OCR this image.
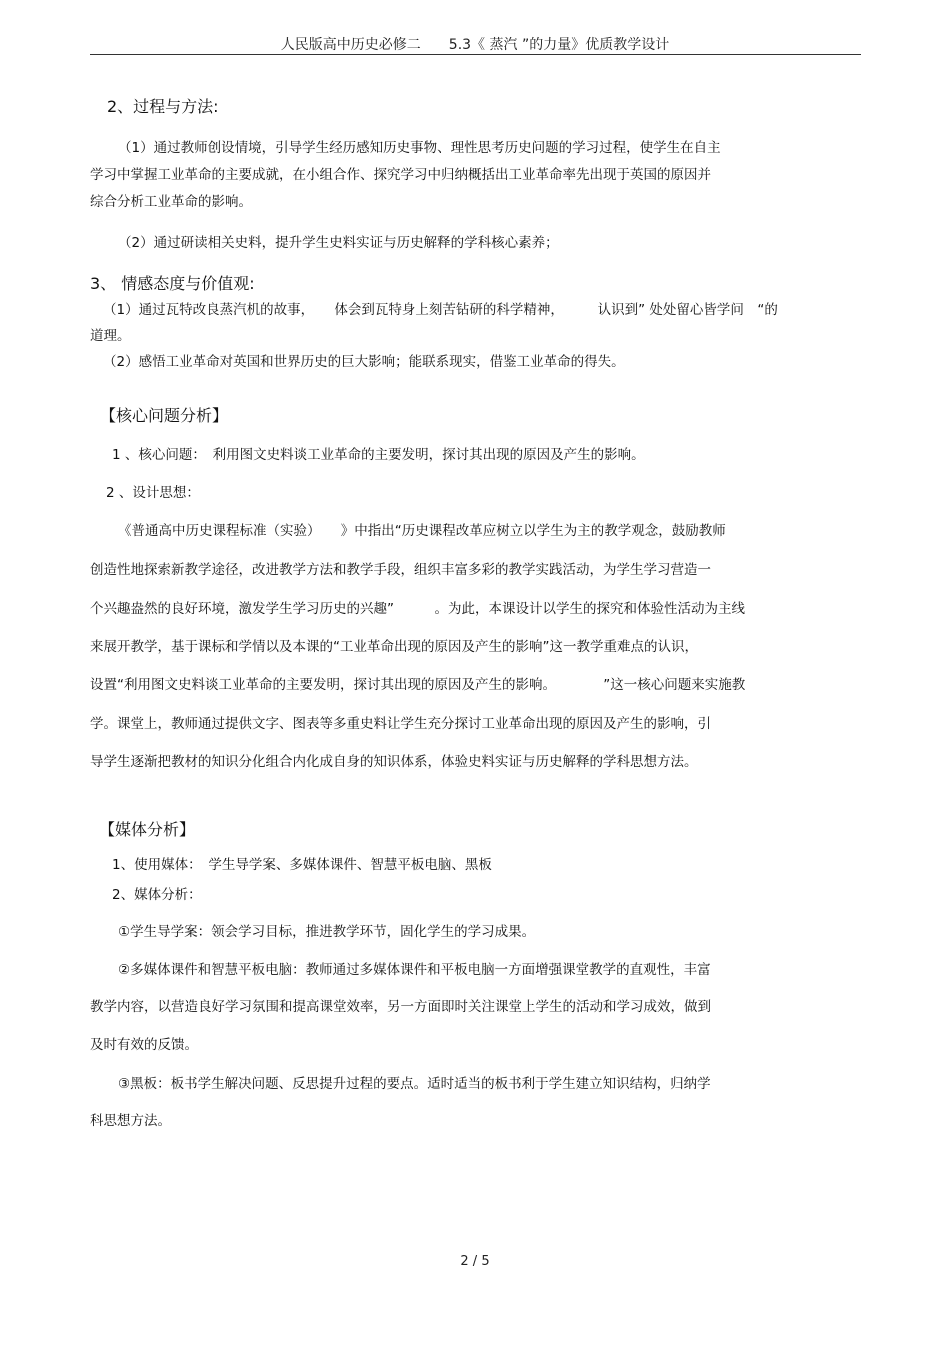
人民版高中历史必修二　　5.3《 蒸汽 ”的力量》优质教学设计
2、过程与方法:
（1）通过教师创设情境，引导学生经历感知历史事物、理性思考历史问题的学习过程，使学生在自主
学习中掌握工业革命的主要成就，在小组合作、探究学习中归纳概括出工业革命率先出现于英国的原因并
综合分析工业革命的影响。
（2）通过研读相关史料，提升学生史料实证与历史解释的学科核心素养；
3、 情感态度与价值观:
（1）通过瓦特改良蒸汽机的故事，　　体会到瓦特身上刻苦钻研的科学精神，　　　认识到” 处处留心皆学问　“的
道理。
（2）感悟工业革命对英国和世界历史的巨大影响；能联系现实，借鉴工业革命的得失。
【核心问题分析】
1 、核心问题：　利用图文史料谈工业革命的主要发明，探讨其出现的原因及产生的影响。
2 、设计思想：
《普通高中历史课程标准（实验）　　》中指出“历史课程改革应树立以学生为主的教学观念，鼓励教师
创造性地探索新教学途径，改进教学方法和教学手段，组织丰富多彩的教学实践活动，为学生学习营造一
个兴趣盎然的良好环境，激发学生学习历史的兴趣”　　　。为此，本课设计以学生的探究和体验性活动为主线
来展开教学，基于课标和学情以及本课的“工业革命出现的原因及产生的影响”这一教学重难点的认识，
设置“利用图文史料谈工业革命的主要发明，探讨其出现的原因及产生的影响。　　　　”这一核心问题来实施教
学。课堂上，教师通过提供文字、图表等多重史料让学生充分探讨工业革命出现的原因及产生的影响，引
导学生逐渐把教材的知识分化组合内化成自身的知识体系，体验史料实证与历史解释的学科思想方法。
【媒体分析】
1、使用媒体：　学生导学案、多媒体课件、智慧平板电脑、黑板
2、媒体分析：
①学生导学案：领会学习目标，推进教学环节，固化学生的学习成果。
②多媒体课件和智慧平板电脑：教师通过多媒体课件和平板电脑一方面增强课堂教学的直观性，丰富
教学内容，以营造良好学习氛围和提高课堂效率，另一方面即时关注课堂上学生的活动和学习成效，做到
及时有效的反馈。
③黑板：板书学生解决问题、反思提升过程的要点。适时适当的板书利于学生建立知识结构，归纳学
科思想方法。
2 / 5
